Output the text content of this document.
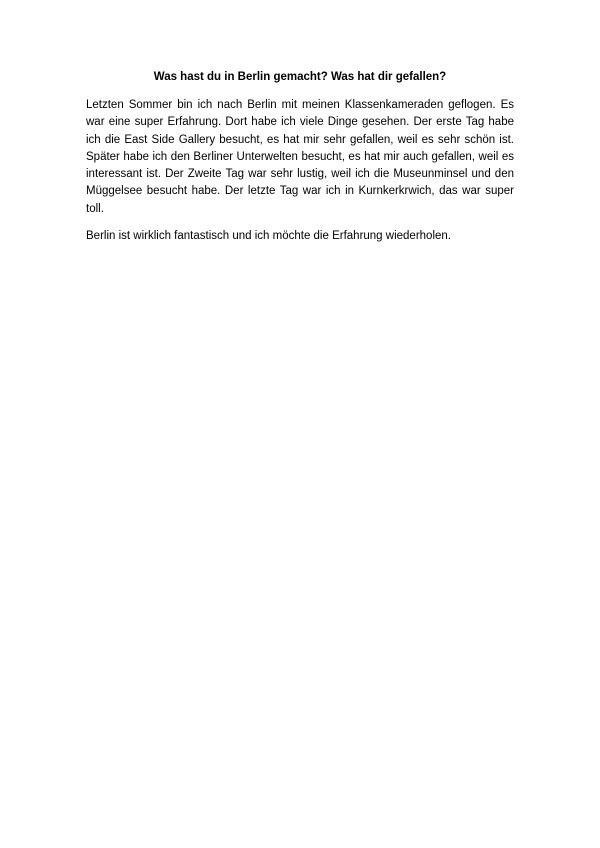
Was hast du in Berlin gemacht? Was hat dir gefallen?

Letzten Sommer bin ich nach Berlin mit meinen Klassenkameraden geflogen. Es war eine super Erfahrung. Dort habe ich viele Dinge gesehen. Der erste Tag habe ich die East Side Gallery besucht, es hat mir sehr gefallen, weil es sehr schön ist. Später habe ich den Berliner Unterwelten besucht, es hat mir auch gefallen, weil es interessant ist. Der Zweite Tag war sehr lustig, weil ich die Museunminsel und den Müggelsee besucht habe. Der letzte Tag war ich in Kurnkerkrwich, das war super toll.

Berlin ist wirklich fantastisch und ich möchte die Erfahrung wiederholen.
